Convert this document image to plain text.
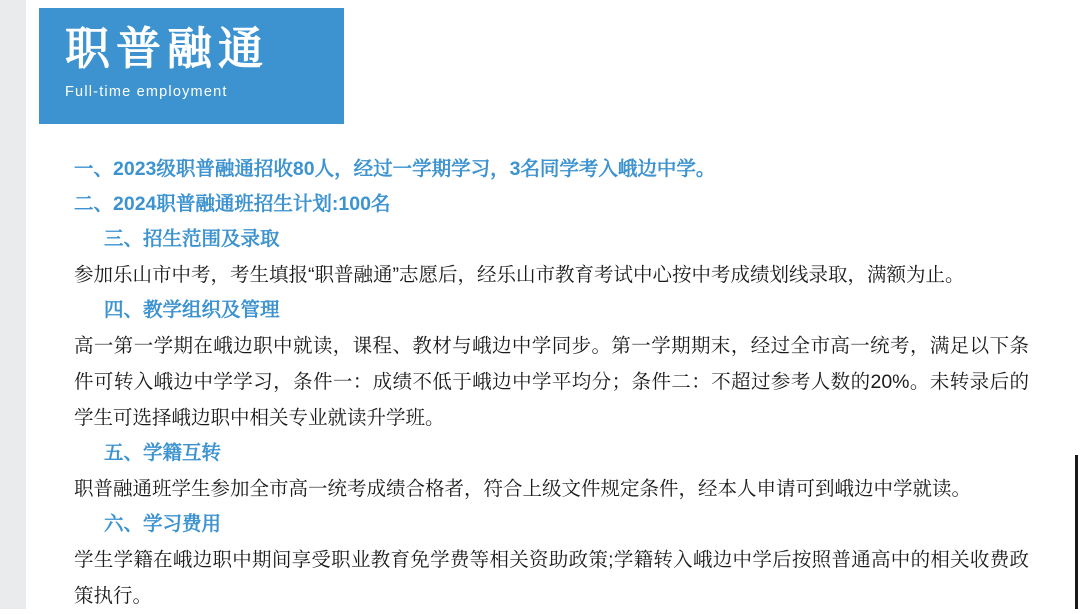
职普融通
Full-time employment
一、2023级职普融通招收80人，经过一学期学习，3名同学考入峨边中学。
二、2024职普融通班招生计划:100名
三、招生范围及录取
参加乐山市中考，考生填报“职普融通”志愿后，经乐山市教育考试中心按中考成绩划线录取，满额为止。
四、教学组织及管理
高一第一学期在峨边职中就读，课程、教材与峨边中学同步。第一学期期末，经过全市高一统考，满足以下条件可转入峨边中学学习，条件一：成绩不低于峨边中学平均分；条件二：不超过参考人数的20%。未转录后的学生可选择峨边职中相关专业就读升学班。
五、学籍互转
职普融通班学生参加全市高一统考成绩合格者，符合上级文件规定条件，经本人申请可到峨边中学就读。
六、学习费用
学生学籍在峨边职中期间享受职业教育免学费等相关资助政策;学籍转入峨边中学后按照普通高中的相关收费政策执行。
